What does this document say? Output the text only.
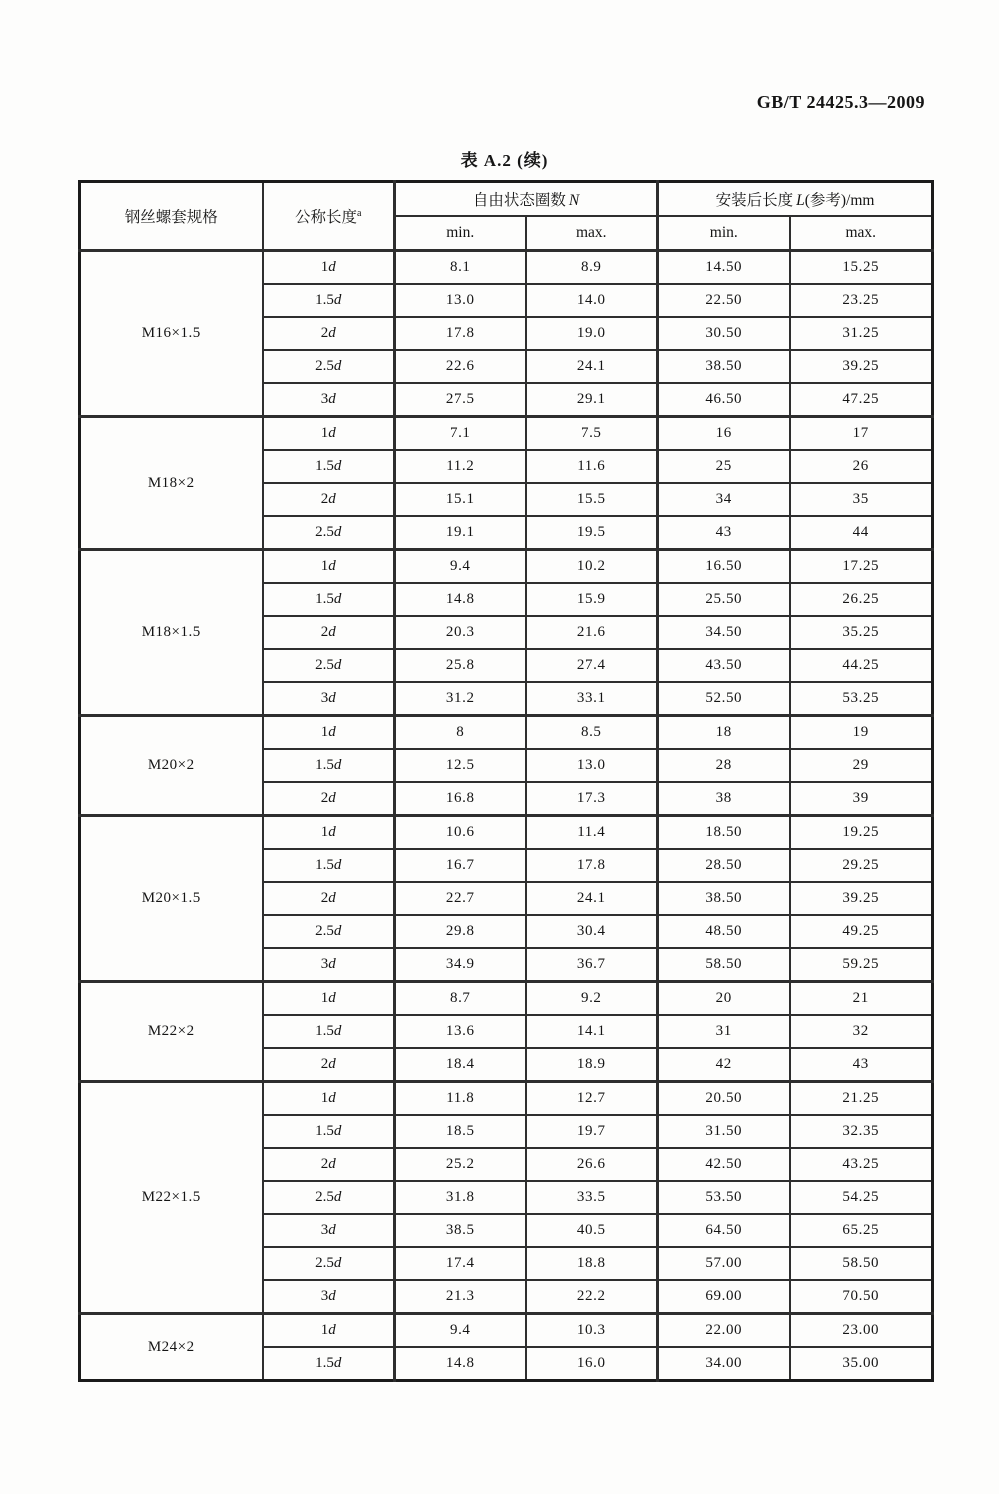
GB/T 24425.3—2009
表 A.2 (续)
钢丝螺套规格	公称长度$^a$	自由状态圈数 N		安装后长度 L(参考)/mm	
		min.	max.	min.	max.
M16×1.5	1d	8.1	8.9	14.50	15.25
	1.5d	13.0	14.0	22.50	23.25
	2d	17.8	19.0	30.50	31.25
	2.5d	22.6	24.1	38.50	39.25
	3d	27.5	29.1	46.50	47.25
M18×2	1d	7.1	7.5	16	17
	1.5d	11.2	11.6	25	26
	2d	15.1	15.5	34	35
	2.5d	19.1	19.5	43	44
M18×1.5	1d	9.4	10.2	16.50	17.25
	1.5d	14.8	15.9	25.50	26.25
	2d	20.3	21.6	34.50	35.25
	2.5d	25.8	27.4	43.50	44.25
	3d	31.2	33.1	52.50	53.25
M20×2	1d	8	8.5	18	19
	1.5d	12.5	13.0	28	29
	2d	16.8	17.3	38	39
M20×1.5	1d	10.6	11.4	18.50	19.25
	1.5d	16.7	17.8	28.50	29.25
	2d	22.7	24.1	38.50	39.25
	2.5d	29.8	30.4	48.50	49.25
	3d	34.9	36.7	58.50	59.25
M22×2	1d	8.7	9.2	20	21
	1.5d	13.6	14.1	31	32
	2d	18.4	18.9	42	43
M22×1.5	1d	11.8	12.7	20.50	21.25
	1.5d	18.5	19.7	31.50	32.35
	2d	25.2	26.6	42.50	43.25
	2.5d	31.8	33.5	53.50	54.25
	3d	38.5	40.5	64.50	65.25
	2.5d	17.4	18.8	57.00	58.50
	3d	21.3	22.2	69.00	70.50
M24×2	1d	9.4	10.3	22.00	23.00
	1.5d	14.8	16.0	34.00	35.00
